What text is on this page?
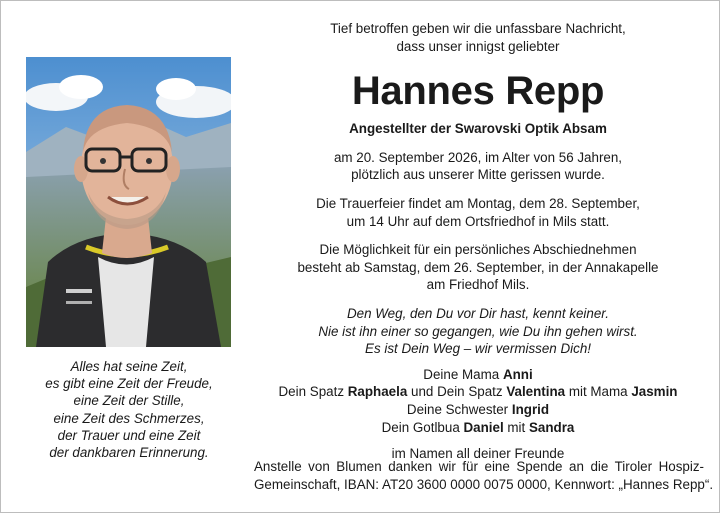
Alles hat seine Zeit,
es gibt eine Zeit der Freude,
eine Zeit der Stille,
eine Zeit des Schmerzes,
der Trauer und eine Zeit
der dankbaren Erinnerung.
Tief betroffen geben wir die unfassbare Nachricht,
dass unser innigst geliebter
Hannes Repp
Angestellter der Swarovski Optik Absam
am 20. September 2026, im Alter von 56 Jahren,
plötzlich aus unserer Mitte gerissen wurde.
Die Trauerfeier findet am Montag, dem 28. September,
um 14 Uhr auf dem Ortsfriedhof in Mils statt.
Die Möglichkeit für ein persönliches Abschiednehmen
besteht ab Samstag, dem 26. September, in der Annakapelle
am Friedhof Mils.
Den Weg, den Du vor Dir hast, kennt keiner.
Nie ist ihn einer so gegangen, wie Du ihn gehen wirst.
Es ist Dein Weg – wir vermissen Dich!
Deine Mama Anni
Dein Spatz Raphaela und Dein Spatz Valentina mit Mama Jasmin
Deine Schwester Ingrid
Dein Gotlbua Daniel mit Sandra
im Namen all deiner Freunde
Anstelle von Blumen danken wir für eine Spende an die Tiroler Hospiz-
Gemeinschaft, IBAN: AT20 3600 0000 0075 0000, Kennwort: „Hannes Repp“.
